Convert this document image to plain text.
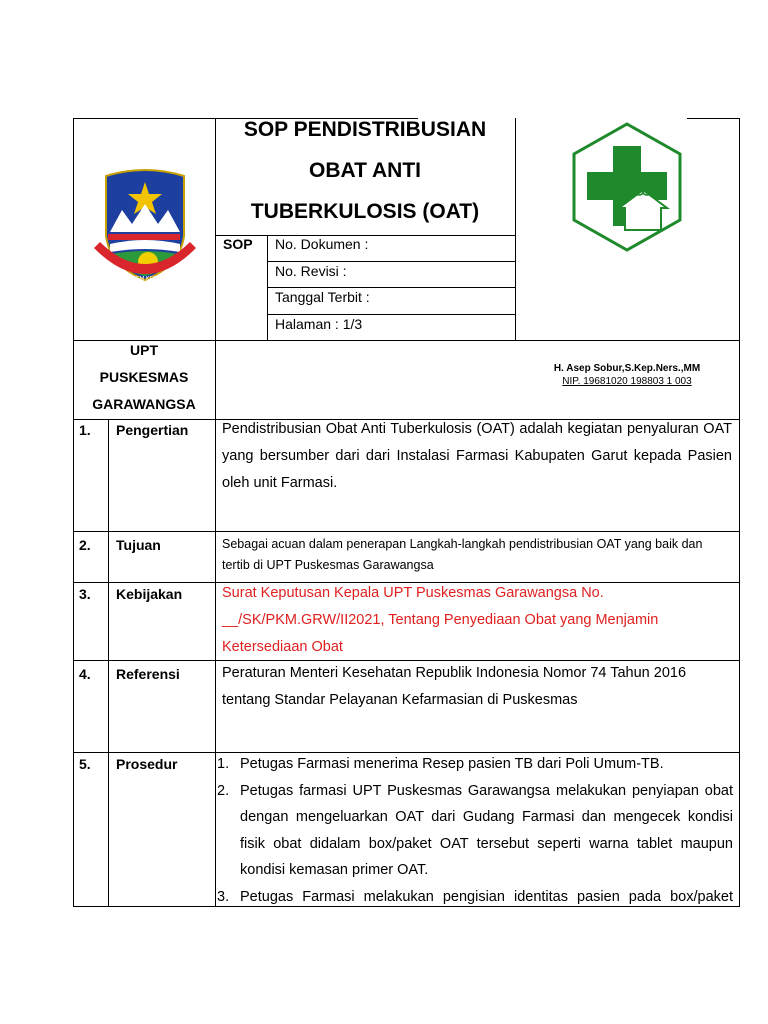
TATA TENGTREM KERTA RAHARJA
SOP PENDISTRIBUSIAN
OBAT ANTI
TUBERKULOSIS (OAT)
SOP No. Dokumen :
No. Revisi :
Tanggal Terbit :
Halaman : 1/3
UPT
PUSKESMAS
GARAWANGSA
H. Asep Sobur,S.Kep.Ners.,MM
NIP. 19681020 198803 1 003
1. Pengertian Pendistribusian Obat Anti Tuberkulosis (OAT) adalah kegiatan penyaluran OAT yang bersumber dari dari Instalasi Farmasi Kabupaten Garut kepada Pasien oleh unit Farmasi.
2. Tujuan	Sebagai acuan dalam penerapan Langkah-langkah pendistribusian OAT yang baik dan tertib di UPT Puskesmas Garawangsa
3. Kebijakan	Surat Keputusan Kepala UPT Puskesmas Garawangsa No. __/SK/PKM.GRW/II2021, Tentang Penyediaan Obat yang Menjamin Ketersediaan Obat
4. Referensi	Peraturan Menteri Kesehatan Republik Indonesia Nomor 74 Tahun 2016 tentang Standar Pelayanan Kefarmasian di Puskesmas
5. Prosedur	1. Petugas Farmasi menerima Resep pasien TB dari Poli Umum-TB.
2. Petugas farmasi UPT Puskesmas Garawangsa melakukan penyiapan obat dengan mengeluarkan OAT dari Gudang Farmasi dan mengecek kondisi fisik obat didalam box/paket OAT tersebut seperti warna tablet maupun kondisi kemasan primer OAT.
3. Petugas Farmasi melakukan pengisian identitas pasien pada box/paket
